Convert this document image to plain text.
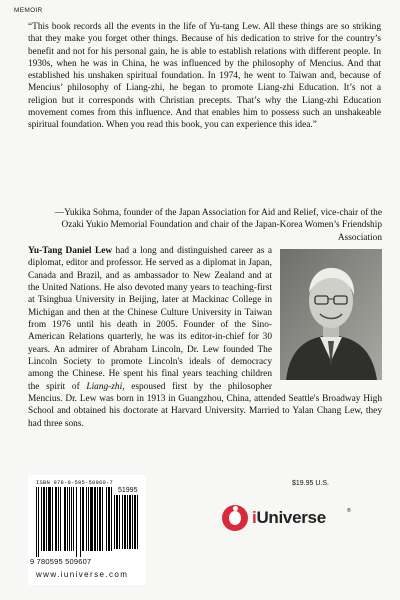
MEMOIR

“This book records all the events in the life of Yu-tang Lew. All these things are so striking that they make you forget other things. Because of his dedication to strive for the country’s benefit and not for his personal gain, he is able to establish relations with different people. In 1930s, when he was in China, he was influenced by the philosophy of Mencius. And that established his unshaken spiritual foundation. In 1974, he went to Taiwan and, because of Mencius’ philosophy of Liang-zhi, he began to promote Liang-zhi Education. It’s not a religion but it corresponds with Christian precepts. That’s why the Liang-zhi Education movement comes from this influence. And that enables him to possess such an unshakeable spiritual foundation. When you read this book, you can experience this idea.”

—Yukika Sohma, founder of the Japan Association for Aid and Relief, vice-chair of the Ozaki Yukio Memorial Foundation and chair of the Japan-Korea Women’s Friendship Association

Yu-Tang Daniel Lew had a long and distinguished career as a diplomat, editor and professor. He served as a diplomat in Japan, Canada and Brazil, and as ambassador to New Zealand and at the United Nations. He also devoted many years to teaching-first at Tsinghua University in Beijing, later at Mackinac College in Michigan and then at the Chinese Culture University in Taiwan from 1976 until his death in 2005. Founder of the Sino-American Relations quarterly, he was its editor-in-chief for 30 years. An admirer of Abraham Lincoln, Dr. Lew founded The Lincoln Society to promote Lincoln's ideals of democracy among the Chinese. He spent his final years teaching children the spirit of Liang-zhi, espoused first by the philosopher Mencius. Dr. Lew was born in 1913 in Guangzhou, China, attended Seattle's Broadway High School and obtained his doctorate at Harvard University. Married to Yalan Chang Lew, they had three sons.
ISBN 978-0-595-50960-7
51995
9 780595 509607
www.iuniverse.com
$19.95 U.S.
iUniverse	®
